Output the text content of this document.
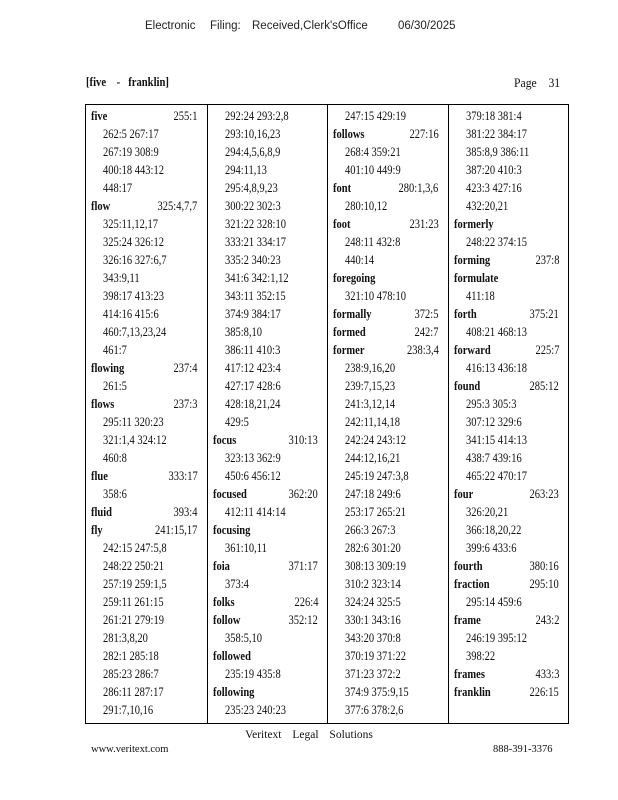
Electronic Filing: Received,Clerk'sOffice	06/30/2025
[five    -   franklin]	Page    31
five	255:1
262:5 267:17
267:19 308:9
400:18 443:12
448:17
flow	325:4,7,7
325:11,12,17
325:24 326:12
326:16 327:6,7
343:9,11
398:17 413:23
414:16 415:6
460:7,13,23,24
461:7
flowing	237:4
261:5
flows	237:3
295:11 320:23
321:1,4 324:12
460:8
flue	333:17
358:6
fluid	393:4
fly	241:15,17
242:15 247:5,8
248:22 250:21
257:19 259:1,5
259:11 261:15
261:21 279:19
281:3,8,20
282:1 285:18
285:23 286:7
286:11 287:17
291:7,10,16
292:24 293:2,8
293:10,16,23
294:4,5,6,8,9
294:11,13
295:4,8,9,23
300:22 302:3
321:22 328:10
333:21 334:17
335:2 340:23
341:6 342:1,12
343:11 352:15
374:9 384:17
385:8,10
386:11 410:3
417:12 423:4
427:17 428:6
428:18,21,24
429:5
focus	310:13
323:13 362:9
450:6 456:12
focused	362:20
412:11 414:14
focusing
361:10,11
foia	371:17
373:4
folks	226:4
follow	352:12
358:5,10
followed
235:19 435:8
following
235:23 240:23
247:15 429:19
follows	227:16
268:4 359:21
401:10 449:9
font	280:1,3,6
280:10,12
foot	231:23
248:11 432:8
440:14
foregoing
321:10 478:10
formally	372:5
formed	242:7
former	238:3,4
238:9,16,20
239:7,15,23
241:3,12,14
242:11,14,18
242:24 243:12
244:12,16,21
245:19 247:3,8
247:18 249:6
253:17 265:21
266:3 267:3
282:6 301:20
308:13 309:19
310:2 323:14
324:24 325:5
330:1 343:16
343:20 370:8
370:19 371:22
371:23 372:2
374:9 375:9,15
377:6 378:2,6
379:18 381:4
381:22 384:17
385:8,9 386:11
387:20 410:3
423:3 427:16
432:20,21
formerly
248:22 374:15
forming	237:8
formulate
411:18
forth	375:21
408:21 468:13
forward	225:7
416:13 436:18
found	285:12
295:3 305:3
307:12 329:6
341:15 414:13
438:7 439:16
465:22 470:17
four	263:23
326:20,21
366:18,20,22
399:6 433:6
fourth	380:16
fraction	295:10
295:14 459:6
frame	243:2
246:19 395:12
398:22
frames	433:3
franklin	226:15
Veritext Legal Solutions
www.veritext.com	888-391-3376
